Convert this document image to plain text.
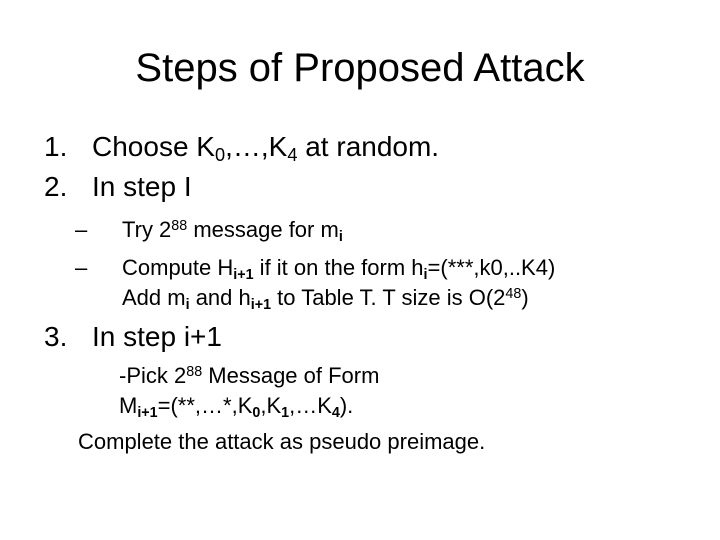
Steps of Proposed Attack
1. Choose $K_0,\dots,K_4$ at random.
2. In step I
– Try $2^{88}$ message for $m_i$
– Compute $H_{i+1}$ if it on the form $h_i=(***,k0,..K4)$
Add $m_i$ and $h_{i+1}$ to Table T. T size is $O(2^{48})$
3. In step i+1
-Pick $2^{88}$ Message of Form
$M_{i+1}=(**,\dots*,K_0,K_1,\dots K_4)$.
Complete the attack as pseudo preimage.
